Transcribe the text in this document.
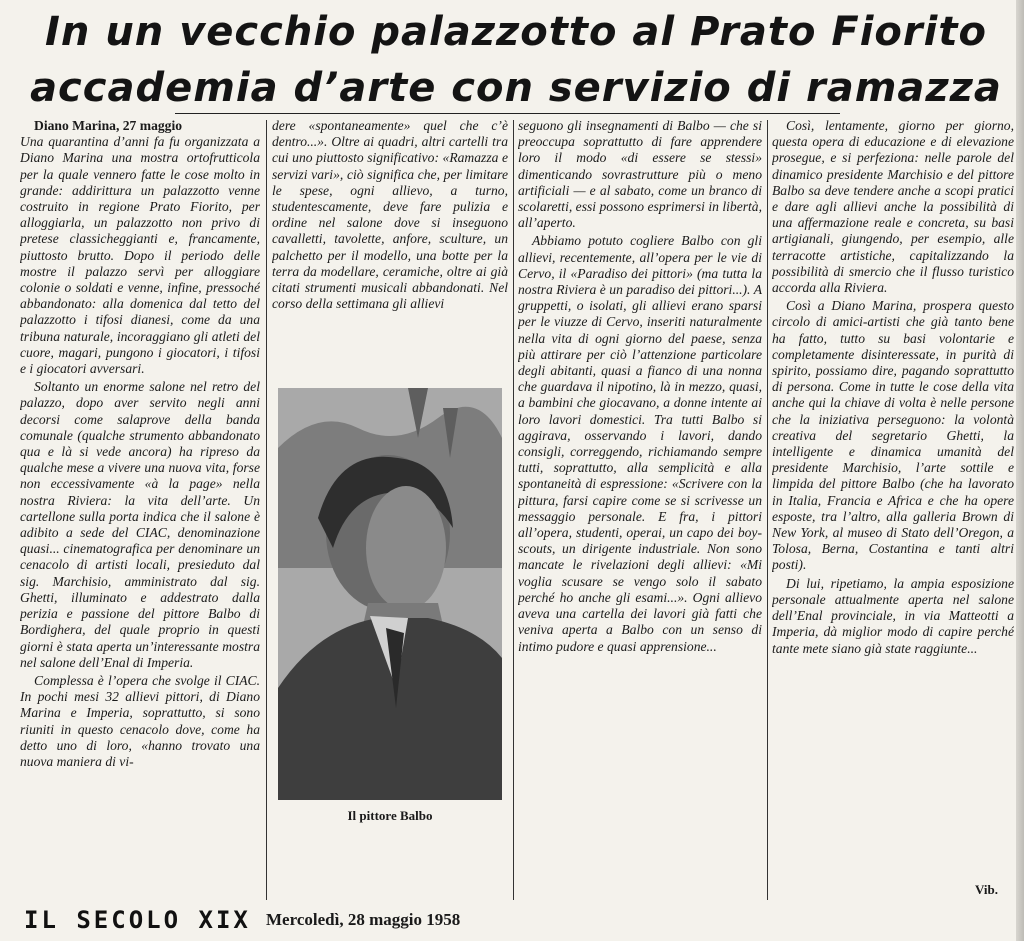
In un vecchio palazzotto al Prato Fiorito
accademia d’arte con servizio di ramazza

Diano Marina, 27 maggio
Una quarantina d’anni fa fu organizzata a Diano Marina una mostra ortofrutticola per la quale vennero fatte le cose molto in grande: addirittura un palazzotto venne costruito in regione Prato Fiorito, per alloggiarla, un palazzotto non privo di pretese classicheggianti e, francamente, piuttosto brutto. Dopo il periodo delle mostre il palazzo servì per alloggiare colonie o soldati e venne, infine, pressoché abbandonato: alla domenica dal tetto del palazzotto i tifosi dianesi, come da una tribuna naturale, incoraggiano gli atleti del cuore, magari, pungono i giocatori, i tifosi e i giocatori avversari.

Soltanto un enorme salone nel retro del palazzo, dopo aver servito negli anni decorsi come salaprove della banda comunale (qualche strumento abbandonato qua e là si vede ancora) ha ripreso da qualche mese a vivere una nuova vita, forse non eccessivamente «à la page» nella nostra Riviera: la vita dell’arte. Un cartellone sulla porta indica che il salone è adibito a sede del CIAC, denominazione quasi... cinematografica per denominare un cenacolo di artisti locali, presieduto dal sig. Marchisio, amministrato dal sig. Ghetti, illuminato e addestrato dalla perizia e passione del pittore Balbo di Bordighera, del quale proprio in questi giorni è stata aperta un’interessante mostra nel salone dell’Enal di Imperia.

Complessa è l’opera che svolge il CIAC. In pochi mesi 32 allievi pittori, di Diano Marina e Imperia, soprattutto, si sono riuniti in questo cenacolo dove, come ha detto uno di loro, «hanno trovato una nuova maniera di vi-

dere «spontaneamente» quel che c’è dentro...». Oltre ai quadri, altri cartelli tra cui uno piuttosto significativo: «Ramazza e servizi vari», ciò significa che, per limitare le spese, ogni allievo, a turno, studentescamente, deve fare pulizia e ordine nel salone dove si inseguono cavalletti, tavolette, anfore, sculture, un palchetto per il modello, una botte per la terra da modellare, ceramiche, oltre ai già citati strumenti musicali abbandonati. Nel corso della settimana gli allievi

Il pittore Balbo

seguono gli insegnamenti di Balbo — che si preoccupa soprattutto di fare apprendere loro il modo «di essere se stessi» dimenticando sovrastrutture più o meno artificiali — e al sabato, come un branco di scolaretti, essi possono esprimersi in libertà, all’aperto.

Abbiamo potuto cogliere Balbo con gli allievi, recentemente, all’opera per le vie di Cervo, il «Paradiso dei pittori» (ma tutta la nostra Riviera è un paradiso dei pittori...). A gruppetti, o isolati, gli allievi erano sparsi per le viuzze di Cervo, inseriti naturalmente nella vita di ogni giorno del paese, senza più attirare per ciò l’attenzione particolare degli abitanti, quasi a fianco di una nonna che guardava il nipotino, là in mezzo, quasi, a bambini che giocavano, a donne intente ai loro lavori domestici. Tra tutti Balbo si aggirava, osservando i lavori, dando consigli, correggendo, richiamando sempre tutti, soprattutto, alla semplicità e alla spontaneità di espressione: «Scrivere con la pittura, farsi capire come se si scrivesse un messaggio personale. E fra, i pittori all’opera, studenti, operai, un capo dei boy-scouts, un dirigente industriale. Non sono mancate le rivelazioni degli allievi: «Mi voglia scusare se vengo solo il sabato perché ho anche gli esami...». Ogni allievo aveva una cartella dei lavori già fatti che veniva aperta a Balbo con un senso di intimo pudore e quasi apprensione...

Così, lentamente, giorno per giorno, questa opera di educazione e di elevazione prosegue, e si perfeziona: nelle parole del dinamico presidente Marchisio e del pittore Balbo sa deve tendere anche a scopi pratici e dare agli allievi anche la possibilità di una affermazione reale e concreta, su basi artigianali, giungendo, per esempio, alle terracotte artistiche, capitalizzando la possibilità di smercio che il flusso turistico accorda alla Riviera.

Così a Diano Marina, prospera questo circolo di amici-artisti che già tanto bene ha fatto, tutto su basi volontarie e completamente disinteressate, in purità di spirito, possiamo dire, pagando soprattutto di persona. Come in tutte le cose della vita anche qui la chiave di volta è nelle persone che la iniziativa perseguono: la volontà creativa del segretario Ghetti, la intelligente e dinamica umanità del presidente Marchisio, l’arte sottile e limpida del pittore Balbo (che ha lavorato in Italia, Francia e Africa e che ha opere esposte, tra l’altro, alla galleria Brown di New York, al museo di Stato dell’Oregon, a Tolosa, Berna, Costantina e tanti altri posti).

Di lui, ripetiamo, la ampia esposizione personale attualmente aperta nel salone dell’Enal provinciale, in via Matteotti a Imperia, dà miglior modo di capire perché tante mete siano già state raggiunte...

Vib.
IL SECOLO XIX Mercoledì, 28 maggio 1958
